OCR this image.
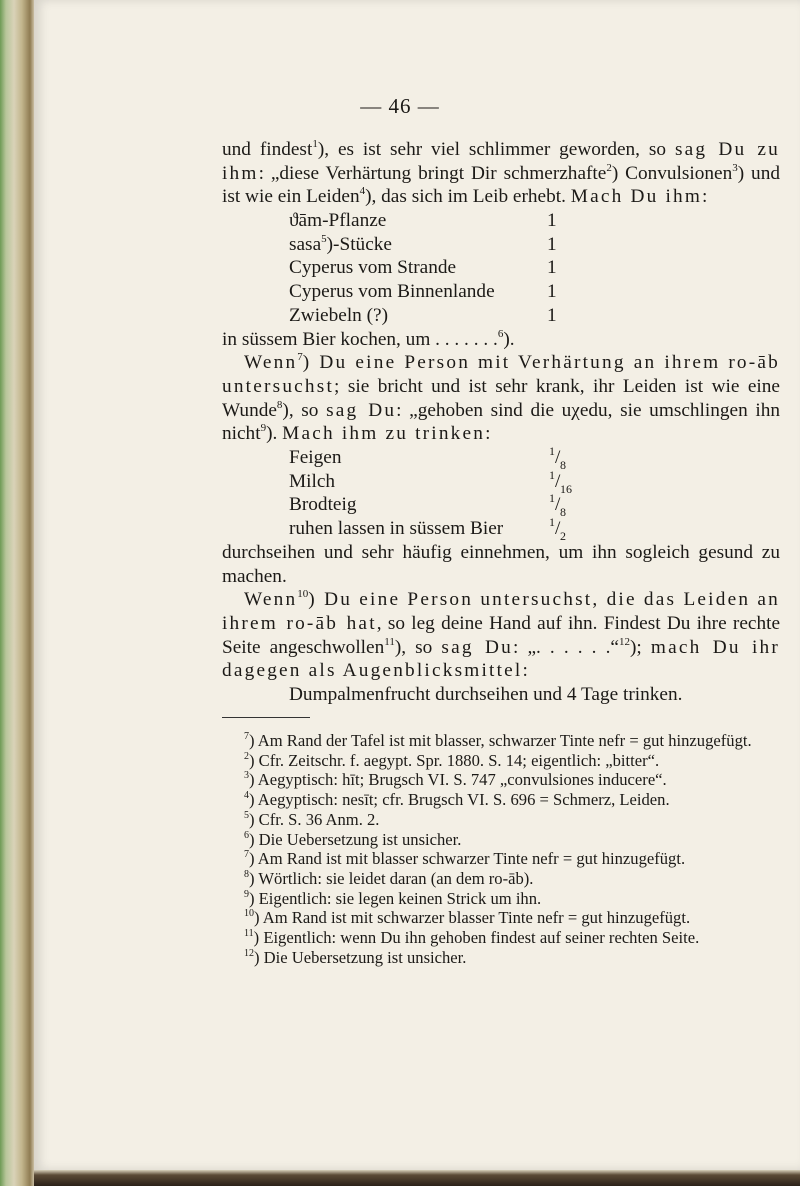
— 46 —

und findest$^1$), es ist sehr viel schlimmer geworden, so sag Du zu ihm: „diese Verhärtung bringt Dir schmerzhafte$^2$) Convulsionen$^3$) und ist wie ein Leiden$^4$), das sich im Leib erhebt. Mach Du ihm:

ϑām-Pflanze	1
sasa$^5$)-Stücke	1
Cyperus vom Strande	1
Cyperus vom Binnenlande	1
Zwiebeln (?)	1

in süssem Bier kochen, um . . . . . . .$^6$).

Wenn$^7$) Du eine Person mit Verhärtung an ihrem ro-āb untersuchst; sie bricht und ist sehr krank, ihr Leiden ist wie eine Wunde$^8$), so sag Du: „gehoben sind die uχedu, sie umschlingen ihn nicht$^9$). Mach ihm zu trinken:

Feigen	1 / 8
Milch	1 / 16
Brodteig	1 / 8
ruhen lassen in süssem Bier	1 / 2

durchseihen und sehr häufig einnehmen, um ihn sogleich gesund zu machen.

Wenn$^{10}$) Du eine Person untersuchst, die das Leiden an ihrem ro-āb hat, so leg deine Hand auf ihn. Findest Du ihre rechte Seite angeschwollen$^{11}$), so sag Du: „. . . . . .“$^{12}$); mach Du ihr dagegen als Augenblicksmittel:

Dumpalmenfrucht durchseihen und 4 Tage trinken.

$^7$) Am Rand der Tafel ist mit blasser, schwarzer Tinte nefr = gut hinzugefügt.

$^2$) Cfr. Zeitschr. f. aegypt. Spr. 1880. S. 14; eigentlich: „bitter“.

$^3$) Aegyptisch: hīt; Brugsch VI. S. 747 „convulsiones inducere“.

$^4$) Aegyptisch: nesīt; cfr. Brugsch VI. S. 696 = Schmerz, Leiden.

$^5$) Cfr. S. 36 Anm. 2.

$^6$) Die Uebersetzung ist unsicher.

$^7$) Am Rand ist mit blasser schwarzer Tinte nefr = gut hinzugefügt.

$^8$) Wörtlich: sie leidet daran (an dem ro-āb).

$^9$) Eigentlich: sie legen keinen Strick um ihn.

$^{10}$) Am Rand ist mit schwarzer blasser Tinte nefr = gut hinzugefügt.

$^{11}$) Eigentlich: wenn Du ihn gehoben findest auf seiner rechten Seite.

$^{12}$) Die Uebersetzung ist unsicher.
